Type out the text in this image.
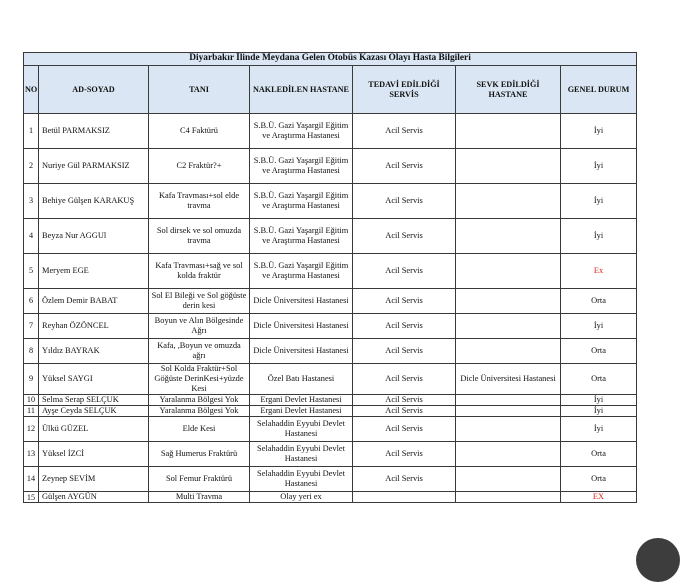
Diyarbakır İlinde Meydana Gelen Otobüs Kazası Olayı Hasta Bilgileri						
NO	AD-SOYAD	TANI	NAKLEDİLEN HASTANE	TEDAVİ EDİLDİĞİ SERVİS	SEVK EDİLDİĞİ HASTANE	GENEL DURUM
1	Betül PARMAKSIZ	C4 Faktürü	S.B.Ü. Gazi Yaşargil Eğitim ve Araştırma Hastanesi	Acil Servis		İyi
2	Nuriye Gül PARMAKSIZ	C2 Fraktür?+	S.B.Ü. Gazi Yaşargil Eğitim ve Araştırma Hastanesi	Acil Servis		İyi
3	Behiye Gülşen KARAKUŞ	Kafa Travması+sol elde travma	S.B.Ü. Gazi Yaşargil Eğitim ve Araştırma Hastanesi	Acil Servis		İyi
4	Beyza Nur AGGUl	Sol dirsek ve sol omuzda travma	S.B.Ü. Gazi Yaşargil Eğitim ve Araştırma Hastanesi	Acil Servis		İyi
5	Meryem EGE	Kafa Travması+sağ ve sol kolda fraktür	S.B.Ü. Gazi Yaşargil Eğitim ve Araştırma Hastanesi	Acil Servis		Ex
6	Özlem Demir BABAT	Sol El Bileği ve Sol göğüste derin kesi	Dicle Üniversitesi Hastanesi	Acil Servis		Orta
7	Reyhan ÖZÖNCEL	Boyun ve Alın Bölgesinde Ağrı	Dicle Üniversitesi Hastanesi	Acil Servis		İyi
8	Yıldız BAYRAK	Kafa, ,Boyun ve omuzda ağrı	Dicle Üniversitesi Hastanesi	Acil Servis		Orta
9	Yüksel SAYGI	Sol Kolda Fraktür+Sol Göğüste DerinKesi+yüzde Kesi	Özel Batı Hastanesi	Acil Servis	Dicle Üniversitesi Hastanesi	Orta
10	Selma Serap SELÇUK	Yaralanma Bölgesi Yok	Ergani Devlet Hastanesi	Acil Servis		İyi
11	Ayşe Ceyda SELÇUK	Yaralanma Bölgesi Yok	Ergani Devlet Hastanesi	Acil Servis		İyi
12	Ülkü GÜZEL	Elde Kesi	Selahaddin Eyyubi Devlet Hastanesi	Acil Servis		İyi
13	Yüksel İZCİ	Sağ Humerus Fraktürü	Selahaddin Eyyubi Devlet Hastanesi	Acil Servis		Orta
14	Zeynep SEVİM	Sol Femur Fraktürü	Selahaddin Eyyubi Devlet Hastanesi	Acil Servis		Orta
15	Gülşen AYGÜN	Multi Travma	Olay yeri ex			EX
